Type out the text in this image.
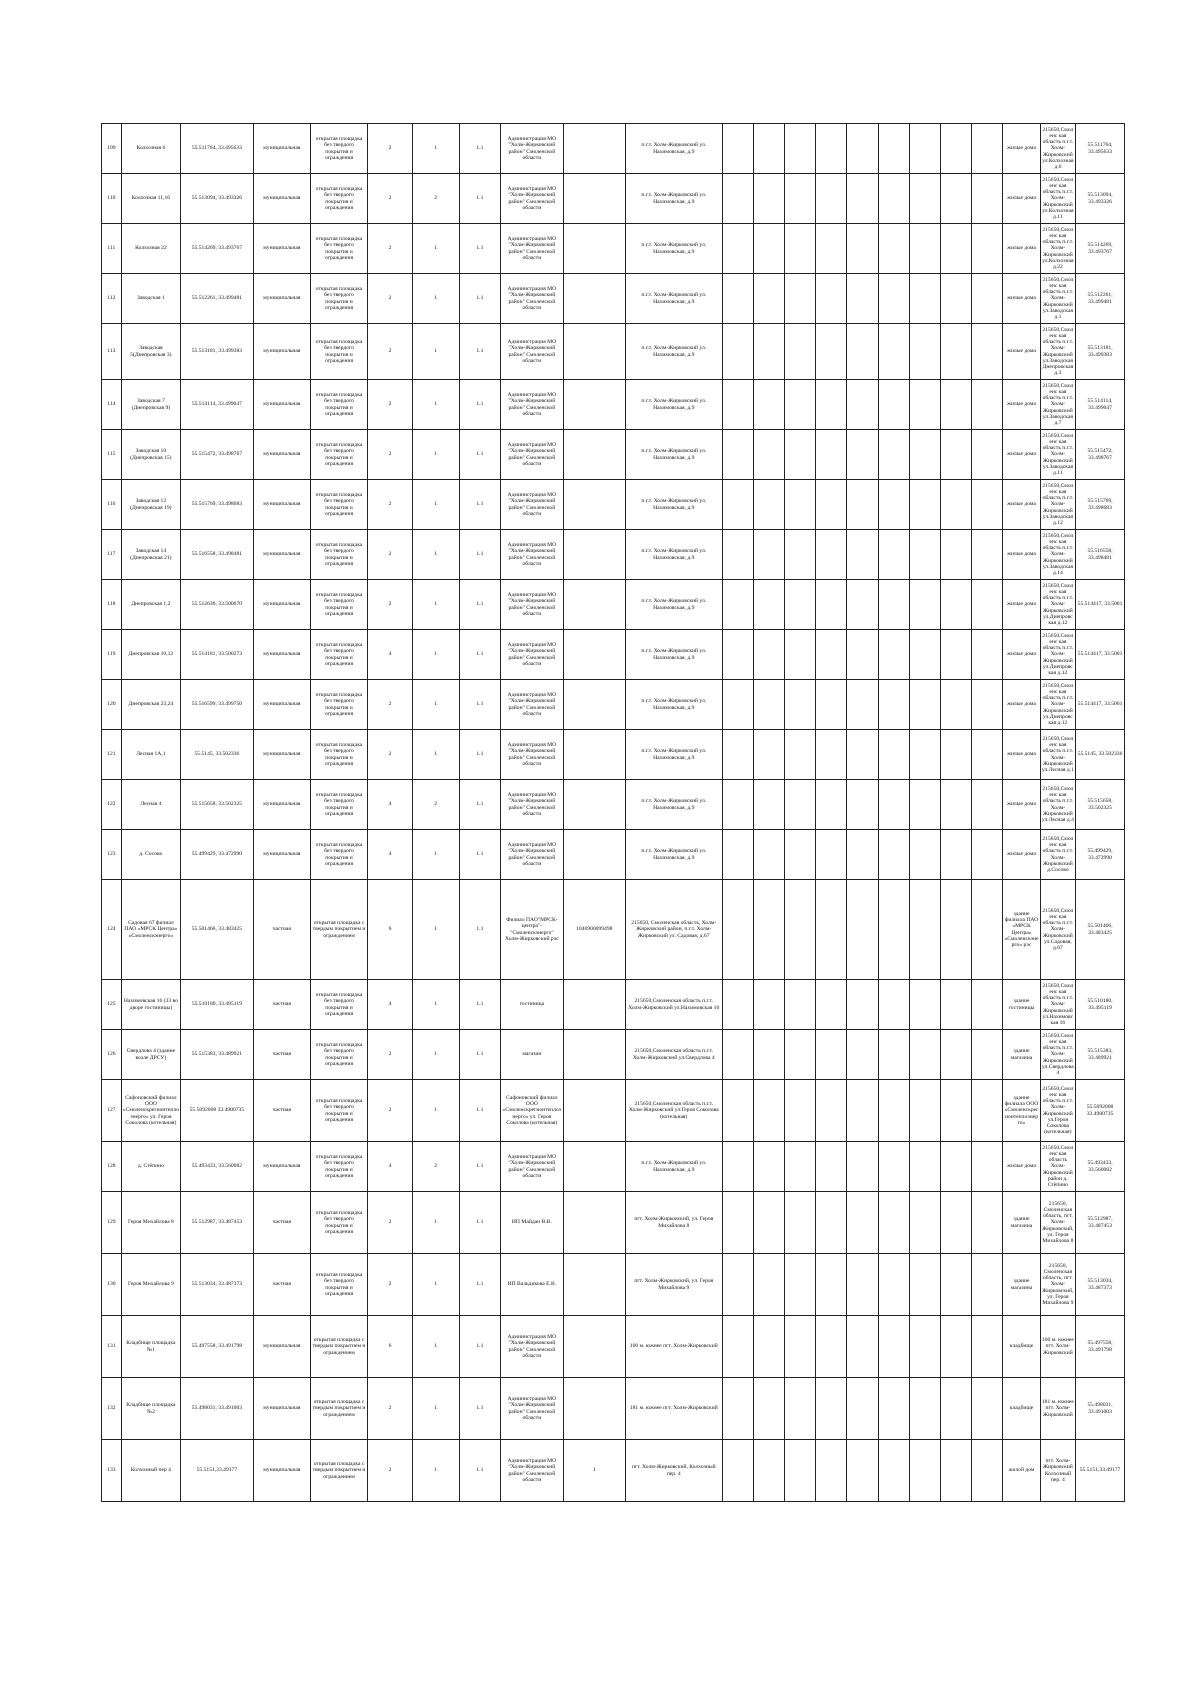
109	Колхозная 6	55.511764, 33.495633	муниципальная	открытая площадка без твердого покрытия и ограждения	2	1	1.1	Администрация МО "Холм-Жирковский район" Смоленской области		п.г.т. Холм-Жирковский ул. Нахимовская, д.9										жилые дома	215650,Смоленс кая область п.г.т. Холм-Жирковский ул.Колхозная д.6	55.511764, 33.495633
110	Колхозная 11,16	55.513094, 33.493326	муниципальная	открытая площадка без твердого покрытия и ограждения	2	2	1.1	Администрация МО "Холм-Жирковский район" Смоленской области		п.г.т. Холм-Жирковский ул. Нахимовская, д.9										жилые дома	215650,Смоленс кая область п.г.т. Холм-Жирковский ул.Колхозная д.11	55.513094, 33.493326
111	Колхозная 22	55.514269, 33.493767	муниципальная	открытая площадка без твердого покрытия и ограждения	2	1	1.1	Администрация МО "Холм-Жирковский район" Смоленской области		п.г.т. Холм-Жирковский ул. Нахимовская, д.9										жилые дома	215650,Смоленс кая область п.г.т. Холм-Жирковский ул.Колхозная д.22	55.514269, 33.493767
112	Заводская 1	55.512261, 33.499481	муниципальная	открытая площадка без твердого покрытия и ограждения	2	1	1.1	Администрация МО "Холм-Жирковский район" Смоленской области		п.г.т. Холм-Жирковский ул. Нахимовская, д.9										жилые дома	215650,Смоленс кая область п.г.т. Холм-Жирковский ул.Заводская д.1	55.512261, 33.499481
113	Заводская 5(Днепровская 3)	55.513181, 33.499383	муниципальная	открытая площадка без твердого покрытия и ограждения	2	1	1.1	Администрация МО "Холм-Жирковский район" Смоленской области		п.г.т. Холм-Жирковский ул. Нахимовская, д.9										жилые дома	215650,Смоленс кая область п.г.т. Холм-Жирковский ул.Заводская Днепровская д.3	55.513181, 33.499383
114	Заводская 7 (Днепровская 9)	55.514114, 33.499047	муниципальная	открытая площадка без твердого покрытия и ограждения	2	1	1.1	Администрация МО "Холм-Жирковский район" Смоленской области		п.г.т. Холм-Жирковский ул. Нахимовская, д.9										жилые дома	215650,Смоленс кая область п.г.т. Холм-Жирковский ул.Заводская д.7	55.514114, 33.499047
115	Заводская 10 (Днепровская 15)	55.515472, 33.498767	муниципальная	открытая площадка без твердого покрытия и ограждения	2	1	1.1	Администрация МО "Холм-Жирковский район" Смоленской области		п.г.т. Холм-Жирковский ул. Нахимовская, д.9										жилые дома	215650,Смоленс кая область п.г.т. Холм-Жирковский ул.Заводская д.11	55.515472, 33.498767
116	Заводская 12 (Днепровская 19)	55.515769, 33.498683	муниципальная	открытая площадка без твердого покрытия и ограждения	2	1	1.1	Администрация МО "Холм-Жирковский район" Смоленской области		п.г.т. Холм-Жирковский ул. Нахимовская, д.9										жилые дома	215650,Смоленс кая область п.г.т. Холм-Жирковский ул.Заводская д.12	55.515769, 33.498683
117	Заводская 14 (Днепровская 21)	55.516558, 33.498481	муниципальная	открытая площадка без твердого покрытия и ограждения	2	1	1.1	Администрация МО "Холм-Жирковский район" Смоленской области		п.г.т. Холм-Жирковский ул. Нахимовская, д.9										жилые дома	215650,Смоленс кая область п.г.т. Холм-Жирковский ул.Заводская д.14	55.516558, 33.498481
118	Днепровская 1,2	55.512636, 33.500670	муниципальная	открытая площадка без твердого покрытия и ограждения	2	1	1.1	Администрация МО "Холм-Жирковский район" Смоленской области		п.г.т. Холм-Жирковский ул. Нахимовская, д.9										жилые дома	215650,Смоленс кая область п.г.т. Холм-Жирковский ул.Днепровская д.12	55.514417, 33.5001
119	Днепровская 10,12	55.514181, 33.500273	муниципальная	открытая площадка без твердого покрытия и ограждения	4	1	1.1	Администрация МО "Холм-Жирковский район" Смоленской области		п.г.т. Холм-Жирковский ул. Нахимовская, д.9										жилые дома	215650,Смоленс кая область п.г.т. Холм-Жирковский ул.Днепровская д.12	55.514417, 33.5001
120	Днепровская 23,24	55.516599, 33.499750	муниципальная	открытая площадка без твердого покрытия и ограждения	2	1	1.1	Администрация МО "Холм-Жирковский район" Смоленской области		п.г.т. Холм-Жирковский ул. Нахимовская, д.9										жилые дома	215650,Смоленс кая область п.г.т. Холм-Жирковский ул.Днепровская д.12	55.514417, 33.5001
121	Лесная 1А,1	55.5145, 33.502336	муниципальная	открытая площадка без твердого покрытия и ограждения	2	1	1.1	Администрация МО "Холм-Жирковский район" Смоленской области		п.г.т. Холм-Жирковский ул. Нахимовская, д.9										жилые дома	215650,Смоленс кая область п.г.т. Холм-Жирковский ул.Лесная д.1	55.5145, 33.502336
122	Лесная 4	55.515658, 33.502325	муниципальная	открытая площадка без твердого покрытия и ограждения	4	2	1.1	Администрация МО "Холм-Жирковский район" Смоленской области		п.г.т. Холм-Жирковский ул. Нахимовская, д.9										жилые дома	215650,Смоленс кая область п.г.т. Холм-Жирковский ул.Лесная д.4	55.515658, 33.502325
123	д. Сосово	55.499429, 33.472990	муниципальная	открытая площадка без твердого покрытия и ограждения	4	1	1.1	Администрация МО "Холм-Жирковский район" Смоленской области		п.г.т. Холм-Жирковский ул. Нахимовская, д.9										жилые дома	215650,Смоленс кая область п.г.т. Холм-Жирковский д.Сосово	55.499429, 33.472990
124	Садовая 67 филиал ПАО «МРСК Центра» «Смоленскэнерго»	55.501466, 33.483425	частная	открытая площадка с твердым покрытием и ограждением	6	1	1.1	Филиал ПАО"МРСК-центра"-"Смоленскэнерго" Холм-Жирковский рэс	1046900099498	215650, Смоленская область, Холм-Жирковский район, п.г.т. Холм-Жирковский ул. Садовая, д.67										здание филиала ПАО «МРСК Центра» «Смоленскэнерго» рэс	215650,Смоленс кая область п.г.т. Холм-Жирковский ул.Садовая, д.67	55.501466, 33.483425
125	Нахимовская 16 (33 во дворе гостиницы)	55.510180, 33.495119	частная	открытая площадка без твердого покрытия и ограждения	4	1	1.1	гостиница		215650,Смоленская область п.г.т. Холм-Жирковский ул.Нахимовская 16										здание гостиницы	215650,Смоленс кая область п.г.т. Холм-Жирковский ул.Нахимовская 16	55.510180, 33.495119
126	Свердлова 4 (здание возле ДРСУ)	55.515383, 33.489921	частная	открытая площадка без твердого покрытия и ограждения	2	1	1.1	магазин		215650,Смоленская область п.г.т. Холм-Жирковский ул.Свердлова 4										здание магазина	215650,Смоленс кая область п.г.т. Холм-Жирковский ул.Свердлова 4	55.515383, 33.489921
127	Сафоновский филиал ООО «Смоленскрегионтеплоэнерго» ул. Героя Соколова (котельная)	55.5092008 33.4900735	частная	открытая площадка без твердого покрытия и ограждения	2	1	1.1	Сафоновский филиал ООО «Смоленскрегионтеплоэнерго» ул. Героя Соколова (котельная)		215650,Смоленская область п.г.т. Холм-Жирковский ул.Героя Соколова (котельная)										здание филиала ООО «Смоленскрегионтеплоэнерго»	215650,Смоленс кая область п.г.т. Холм-Жирковский ул.Героя Соколова (котельная)	55.5092008 33.4900735
128	д. Стёпино	55.493433, 33.560082	муниципальная	открытая площадка без твердого покрытия и ограждения	4	2	1.1	Администрация МО "Холм-Жирковский район" Смоленской области		п.г.т. Холм-Жирковский ул. Нахимовская, д.9										жилые дома	215650,Смоленс кая область Холм-Жирковский район д. Стёпино	55.493433, 33.560082
129	Героя Михайлова 8	55.512987, 33.487453	частная	открытая площадка без твердого покрытия и ограждения	2	1	1.1	ИП Майдан В.В.		пгт. Холм-Жирковский, ул. Героя Михайлова 8										здание магазина	215650, Смоленская область, пгт. Холм-Жирковский, ул. Героя Михайлова 8	55.512987, 33.487453
130	Героя Михайлова 9	55.513034, 33.487373	частная	открытая площадка без твердого покрытия и ограждения	2	1	1.1	ИП Вальдикова Е.В.		пгт. Холм-Жирковский, ул. Героя Михайлова 9										здание магазина	215650, Смоленская область, пгт. Холм-Жирковский, ул. Героя Михайлова 9	55.513034, 33.487373
131	Кладбище площадка №1	55.497558, 33.491798	муниципальная	открытая площадка с твердым покрытием и ограждением	6	1	1.1	Администрация МО "Холм-Жирковский район" Смоленской области		100 м. южнее пгт. Холм-Жирковский										кладбище	100 м. южнее пгт. Холм-Жирковский	55.497558, 33.491798
132	Кладбище площадка №2	55.498031, 33.491003	муниципальная	открытая площадка с твердым покрытием и ограждением	2	1	1.1	Администрация МО "Холм-Жирковский район" Смоленской области		181 м. южнее пгт. Холм-Жирковский										кладбище	181 м. южнее пгт. Холм-Жирковский	55.498031, 33.491003
133	Колхозный пер 4	55.5151,33.49177	муниципальная	открытая площадка с твердым покрытием и ограждением	2	1	1.1	Администрация МО "Холм-Жирковский район" Смоленской области	1	пгт. Холм-Жирковский, Колхозный пер. 4										жилой дом	пгт. Холм-Жирковский Колхозный пер. 4	55.5151,33.49177
